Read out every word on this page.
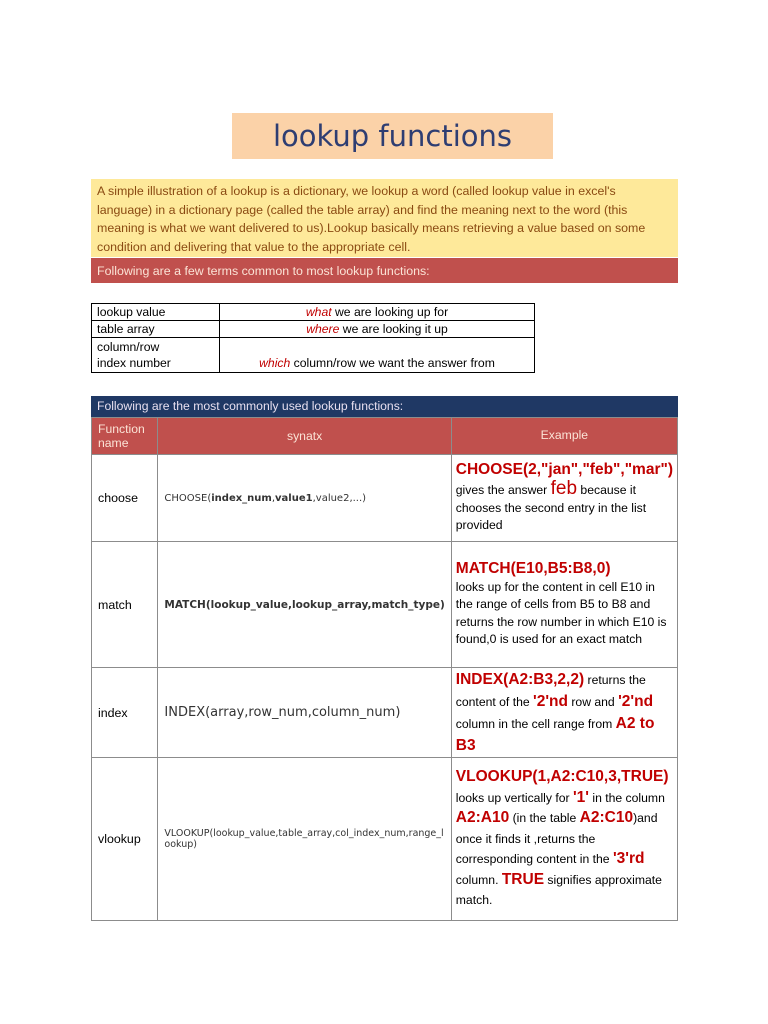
lookup functions
A simple illustration of a lookup is a dictionary, we lookup a word (called lookup value in excel's language) in a dictionary page (called the table array) and find the meaning next to the word (this meaning is what we want delivered to us).Lookup basically means retrieving a value based on some condition and delivering that value to the appropriate cell.
Following are a few terms common to most lookup functions:
lookup value	what we are looking up for
table array	where we are looking it up
column/row
index number	which column/row we want the answer from
Following are the most commonly used lookup functions:
Function name	synatx	Example
choose	CHOOSE(index_num,value1,value2,...)	CHOOSE(2,"jan","feb","mar") gives the answer feb because it chooses the second entry in the list provided
match	MATCH(lookup_value,lookup_array,match_type)	MATCH(E10,B5:B8,0)
looks up for the content in cell E10 in the range of cells from B5 to B8 and returns the row number in which E10 is found,0 is used for an exact match
index	INDEX(array,row_num,column_num)	INDEX(A2:B3,2,2) returns the content of the '2'nd row and '2'nd column in the cell range from A2 to B3
vlookup	VLOOKUP(lookup_value,table_array,col_index_num,range_lookup)	VLOOKUP(1,A2:C10,3,TRUE) looks up vertically for '1' in the column A2:A10 (in the table A2:C10)and once it finds it ,returns the corresponding content in the '3'rd column. TRUE signifies approximate match.
